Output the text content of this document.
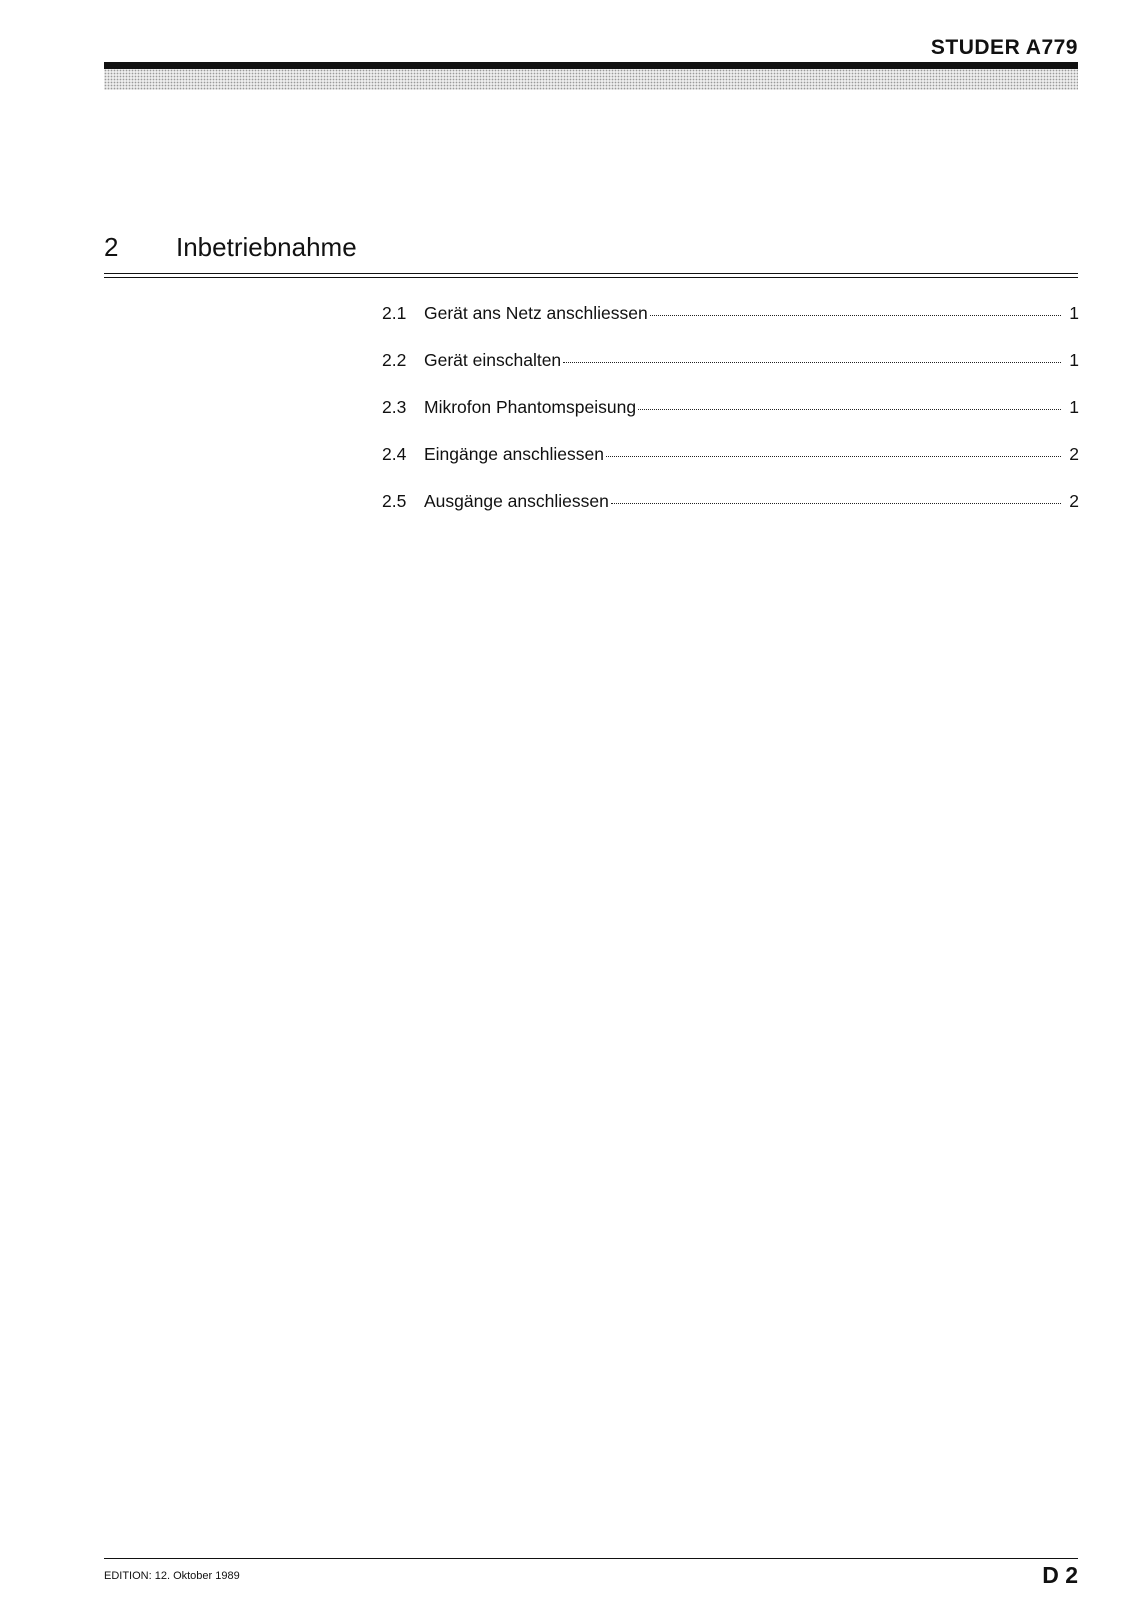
STUDER A779
2 Inbetriebnahme
2.1	Gerät ans Netz anschliessen	1
2.2	Gerät einschalten	1
2.3	Mikrofon Phantomspeisung	1
2.4	Eingänge anschliessen	2
2.5	Ausgänge anschliessen	2
EDITION: 12. Oktober 1989	D 2
